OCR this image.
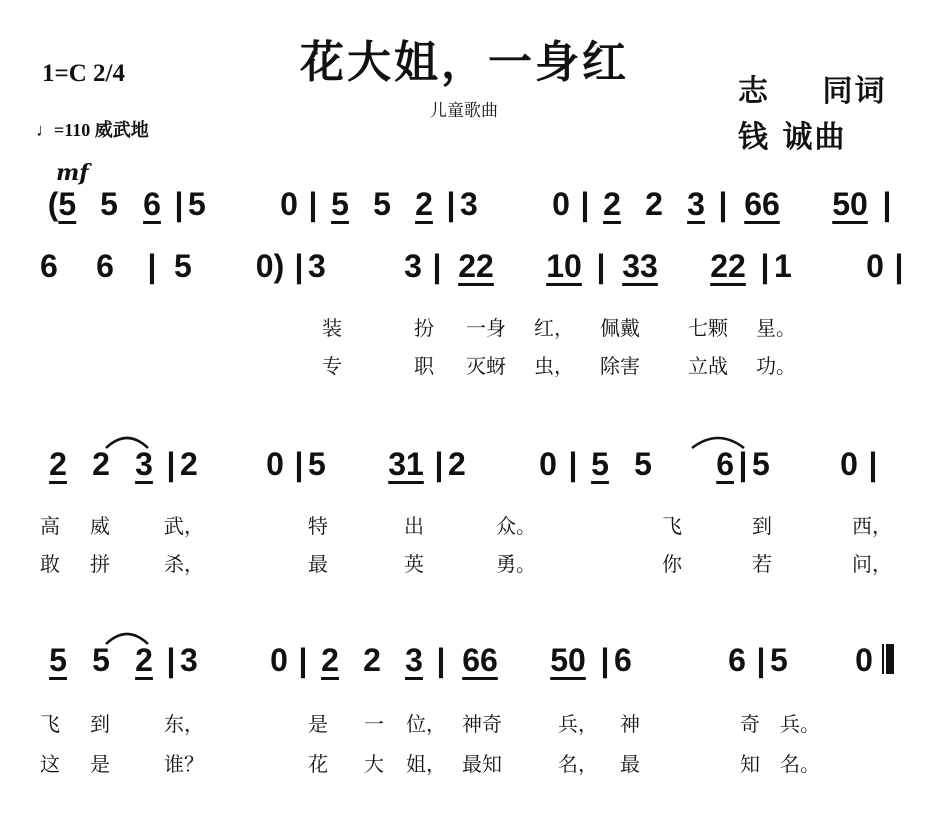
花大姐，一身红
儿童歌曲
1=C 2/4
♩=110 威武地
志 同词
钱 诚曲
mf
(5 5 6 | 5 0 | 5 5 2 | 3 0 | 2 2 3 | 66 50 |
6 6 | 5 0) | 3 3 | 22 10 | 33 22 | 1 0 |
装	扮 一身 红， 佩戴 七颗 星。
专	职 灭蚜 虫， 除害 立战 功。
2 2 3 | 2 0 | 5 31 | 2 0 | 5 5 6 | 5 0 |
高 威	武，	特	出	众。	飞	到	西，
敢 拼	杀，	最	英	勇。	你	若	问，
5 5 2 | 3 0 | 2 2 3 | 66 50 | 6	6 | 5 0
飞 到	东，	是 一 位， 神奇	兵， 神	奇 兵。
这 是	谁？	花 大 姐， 最知	名， 最	知 名。
